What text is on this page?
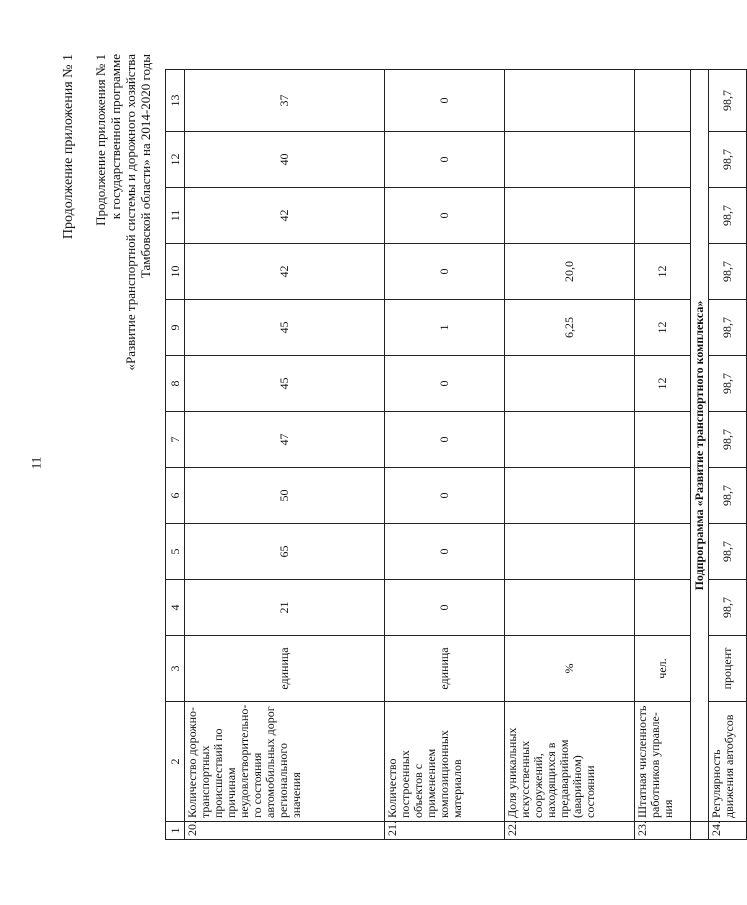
11
Продолжение приложения № 1 Продолжение приложения № 1 к государственной программе «Развитие транспортной системы и дорожного хозяйства Тамбовской области» на 2014-2020 годы
1	2	3	4	5	6	7	8	9	10	11	12	13
20.	Количество дорожно-транспортных происшествий по причинам неудовлетворительно-го состояния автомобильных дорог регионального значения	единица	21	65	50	47	45	45	42	42	40	37
21.	Количество построенных объектов с применением композиционных материалов	единица	0	0	0	0	0	1	0	0	0	0
22.	Доля уникальных искусственных сооружений, находящихся в предаварийном (аварийном) состоянии	%						6,25	20,0			
23.	Штатная численность работников управле-ния	чел.					12	12	12			
	Подпрограмма «Развитие транспортного комплекса»											
24.	Регулярность движения автобусов	процент	98,7	98,7	98,7	98,7	98,7	98,7	98,7	98,7	98,7	98,7
